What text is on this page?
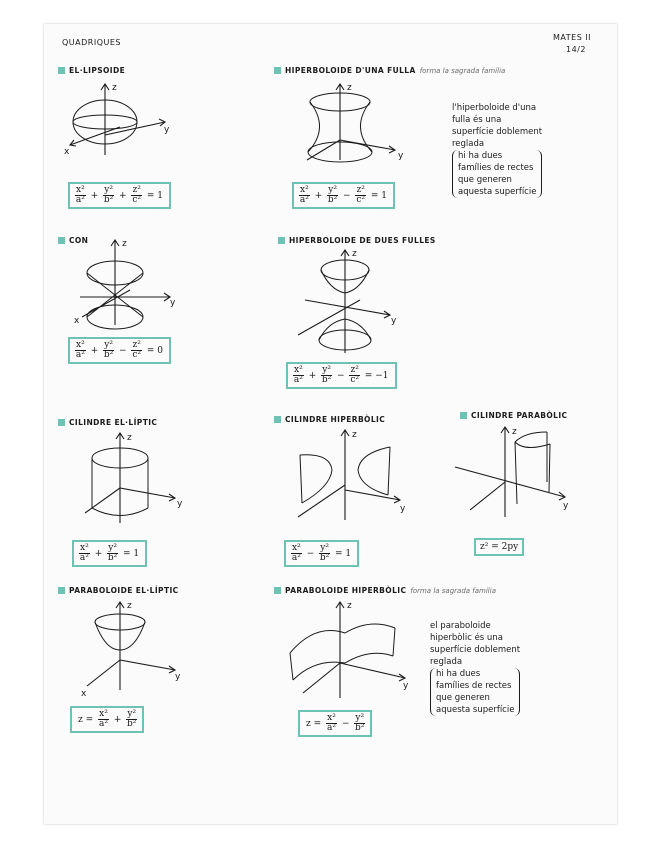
QUADRIQUES
MATES II
14/2
EL·LIPSOIDE
z
y
x
$\frac{\text{x²}}{\text{a²}} + \frac{\text{y²}}{\text{b²}} + \frac{\text{z²}}{\text{c²}} = 1$
HIPERBOLOIDE D'UNA FULLA forma la sagrada família
z
y
$\frac{\text{x²}}{\text{a²}} + \frac{\text{y²}}{\text{b²}} - \frac{\text{z²}}{\text{c²}} = 1$
l'hiperboloide d'una
fulla és una
superfície doblement
reglada
hi ha dues
famílies de rectes
que generen
aquesta superfície
CON	z
y
x
$\frac{\text{x²}}{\text{a²}} + \frac{\text{y²}}{\text{b²}} - \frac{\text{z²}}{\text{c²}} = 0$
HIPERBOLOIDE DE DUES FULLES
z
y
$\frac{\text{x²}}{\text{a²}} + \frac{\text{y²}}{\text{b²}} - \frac{\text{z²}}{\text{c²}} = -1$
CILINDRE EL·LÍPTIC
z
y
$\frac{\text{x²}}{\text{a²}} + \frac{\text{y²}}{\text{b²}} = 1$
CILINDRE HIPERBÒLIC
z
y
$\frac{\text{x²}}{\text{a²}} - \frac{\text{y²}}{\text{b²}} = 1$
CILINDRE PARABÒLIC
z
y
z² = 2py
PARABOLOIDE EL·LÍPTIC
z
y
x
$z = \frac{\text{x²}}{\text{a²}} + \frac{\text{y²}}{\text{b²}}$
PARABOLOIDE HIPERBÒLIC forma la sagrada família
z
y
$z = \frac{\text{x²}}{\text{a²}} - \frac{\text{y²}}{\text{b²}}$
el paraboloide
hiperbòlic és una
superfície doblement
reglada
hi ha dues
famílies de rectes
que generen
aquesta superfície
